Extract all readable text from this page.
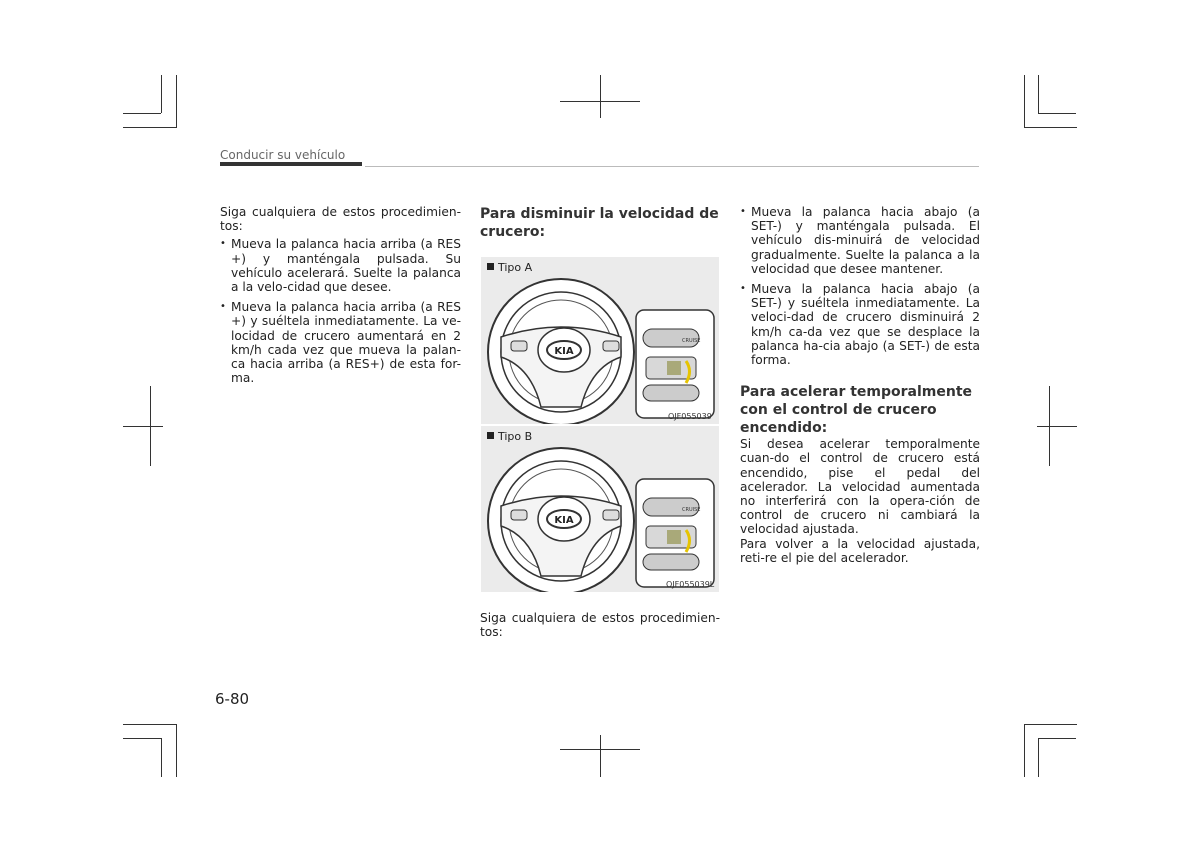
Conducir su vehículo

Siga cualquiera de estos procedimien-tos:

• Mueva la palanca hacia arriba (a RES +) y manténgala pulsada. Su vehículo acelerará. Suelte la palanca a la velo-cidad que desee.

• Mueva la palanca hacia arriba (a RES +) y suéltela inmediatamente. La ve-locidad de crucero aumentará en 2 km/h cada vez que mueva la palan-ca hacia arriba (a RES+) de esta for-ma.

Para disminuir la velocidad de crucero:

Tipo A
KIA
CRUISE
OJF055039
Tipo B
KIA
CRUISE
OJF055039L

Siga cualquiera de estos procedimien-tos:

• Mueva la palanca hacia abajo (a SET-) y manténgala pulsada. El vehículo dis-minuirá de velocidad gradualmente. Suelte la palanca a la velocidad que desee mantener.

• Mueva la palanca hacia abajo (a SET-) y suéltela inmediatamente. La veloci-dad de crucero disminuirá 2 km/h ca-da vez que se desplace la palanca ha-cia abajo (a SET-) de esta forma.

Para acelerar temporalmente con el control de crucero encendido:

Si desea acelerar temporalmente cuan-do el control de crucero está encendido, pise el pedal del acelerador. La velocidad aumentada no interferirá con la opera-ción de control de crucero ni cambiará la velocidad ajustada.

Para volver a la velocidad ajustada, reti-re el pie del acelerador.

6-80
